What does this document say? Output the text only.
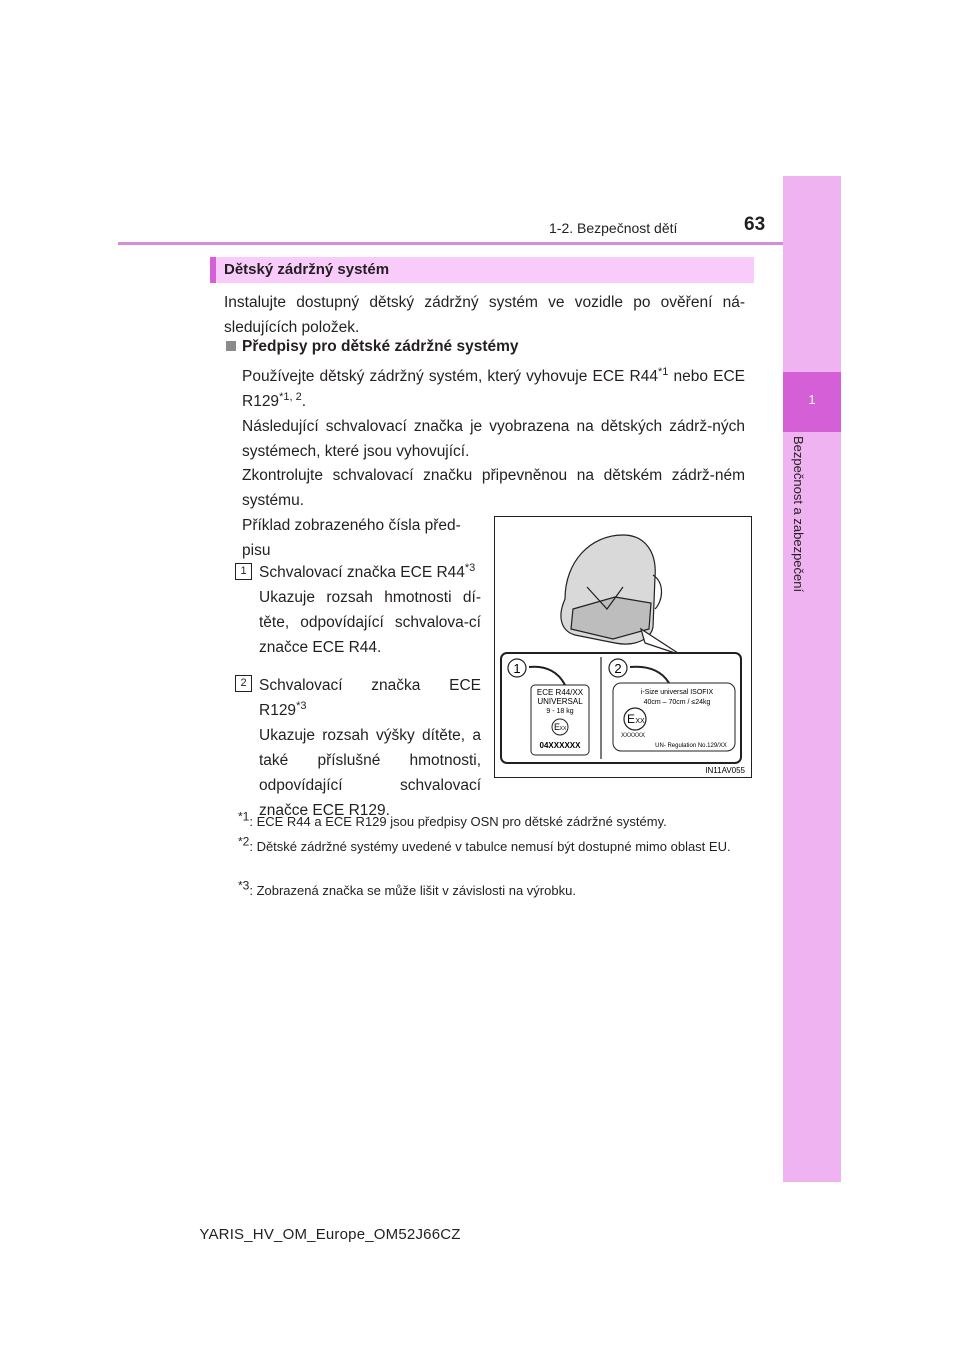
63
1-2. Bezpečnost dětí
1
Bezpečnost a zabezpečení
Dětský zádržný systém
Instalujte dostupný dětský zádržný systém ve vozidle po ověření ná-sledujících položek.
Předpisy pro dětské zádržné systémy
Používejte dětský zádržný systém, který vyhovuje ECE R44$^{*1}$ nebo ECE R129$^{*1, 2}$.
Následující schvalovací značka je vyobrazena na dětských zádrž-ných systémech, které jsou vyhovující.
Zkontrolujte schvalovací značku připevněnou na dětském zádrž-ném systému.
Příklad zobrazeného čísla před-pisu
1 Schvalovací značka ECE R44$^{*3}$
Ukazuje rozsah hmotnosti dí-těte, odpovídající schvalova-cí značce ECE R44.
2 Schvalovací značka ECE R129$^{*3}$
Ukazuje rozsah výšky dítěte, a také příslušné hmotnosti, odpovídající schvalovací značce ECE R129.
$^{*1}$: ECE R44 a ECE R129 jsou předpisy OSN pro dětské zádržné systémy.
$^{*2}$: Dětské zádržné systémy uvedené v tabulce nemusí být dostupné mimo oblast EU.
$^{*3}$: Zobrazená značka se může lišit v závislosti na výrobku.
1	2
ECE R44/XX
UNIVERSAL
9 - 18 kg
E XX
04XXXXXX
i-Size universal ISOFIX
40cm – 70cm / ≤24kg
E XX
XXXXXX
UN- Regulation No.129/XX
IN11AV055
YARIS_HV_OM_Europe_OM52J66CZ
